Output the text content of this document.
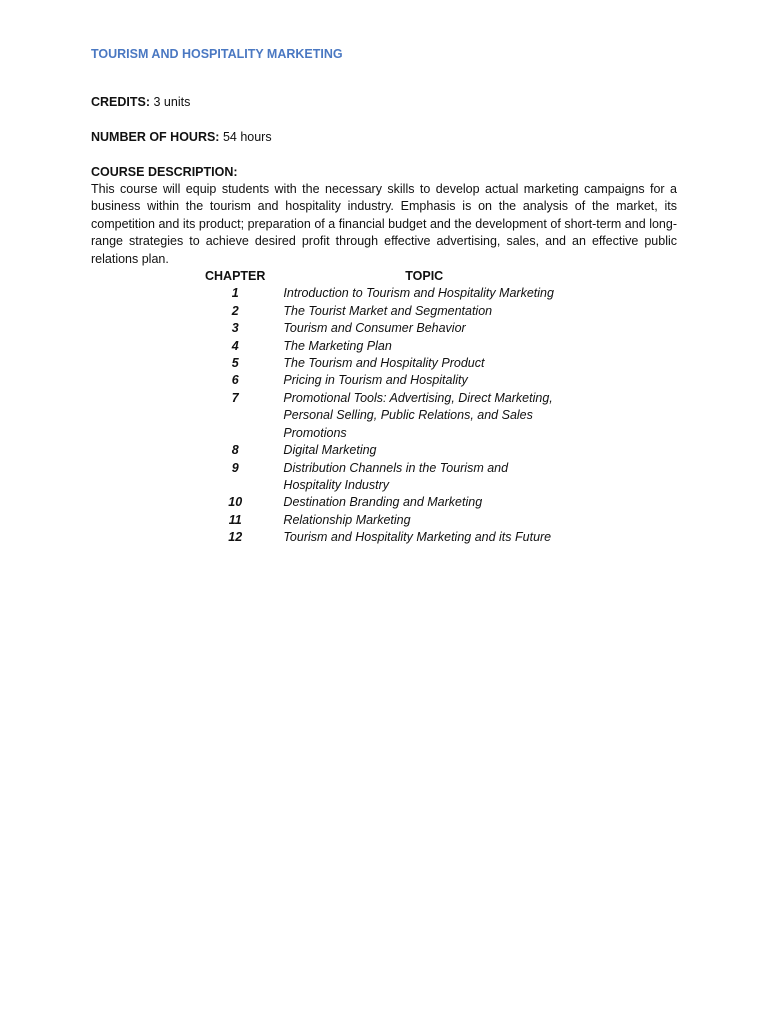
TOURISM AND HOSPITALITY MARKETING

CREDITS: 3 units

NUMBER OF HOURS: 54 hours

COURSE DESCRIPTION:

This course will equip students with the necessary skills to develop actual marketing campaigns for a business within the tourism and hospitality industry. Emphasis is on the analysis of the market, its competition and its product; preparation of a financial budget and the development of short-term and long-range strategies to achieve desired profit through effective advertising, sales, and an effective public relations plan.

CHAPTER	TOPIC
1	Introduction to Tourism and Hospitality Marketing
2	The Tourist Market and Segmentation
3	Tourism and Consumer Behavior
4	The Marketing Plan
5	The Tourism and Hospitality Product
6	Pricing in Tourism and Hospitality
7	Promotional Tools: Advertising, Direct Marketing, Personal Selling, Public Relations, and Sales Promotions
8	Digital Marketing
9	Distribution Channels in the Tourism and Hospitality Industry
10	Destination Branding and Marketing
11	Relationship Marketing
12	Tourism and Hospitality Marketing and its Future
